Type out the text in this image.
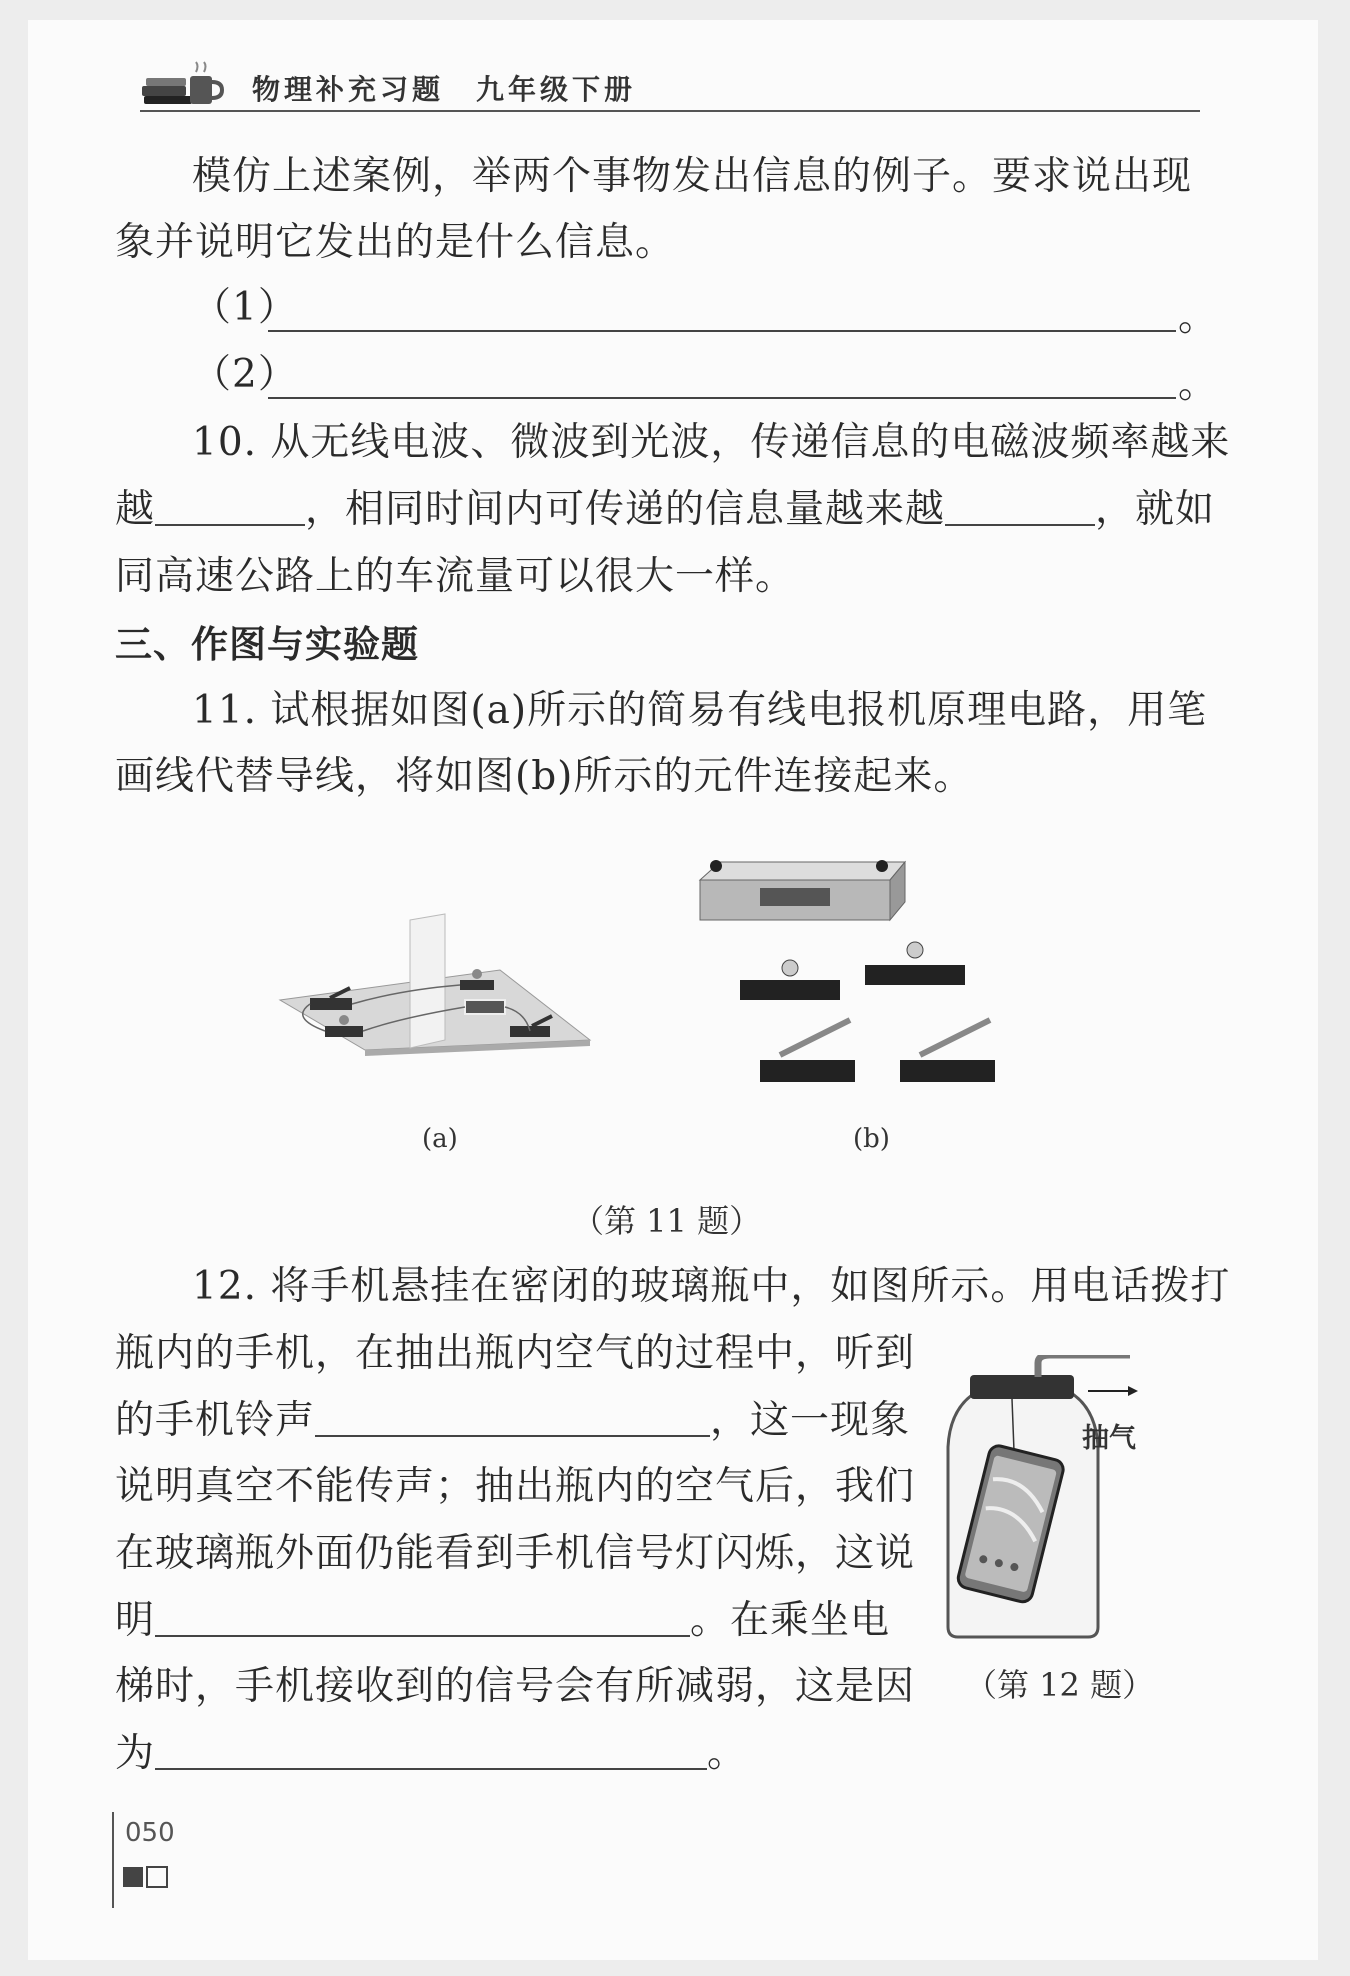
物理补充习题　九年级下册
模仿上述案例，举两个事物发出信息的例子。要求说出现
象并说明它发出的是什么信息。
（1）	。
（2）	。
10. 从无线电波、微波到光波，传递信息的电磁波频率越来
越	，相同时间内可传递的信息量越来越	，就如
同高速公路上的车流量可以很大一样。
三、作图与实验题
11. 试根据如图(a)所示的简易有线电报机原理电路，用笔
画线代替导线，将如图(b)所示的元件连接起来。
(a)	(b)
（第 11 题）
12. 将手机悬挂在密闭的玻璃瓶中，如图所示。用电话拨打
瓶内的手机，在抽出瓶内空气的过程中，听到
的手机铃声	，这一现象
说明真空不能传声；抽出瓶内的空气后，我们
在玻璃瓶外面仍能看到手机信号灯闪烁，这说
明	。在乘坐电
梯时，手机接收到的信号会有所减弱，这是因
为	。
抽气
（第 12 题）
050
